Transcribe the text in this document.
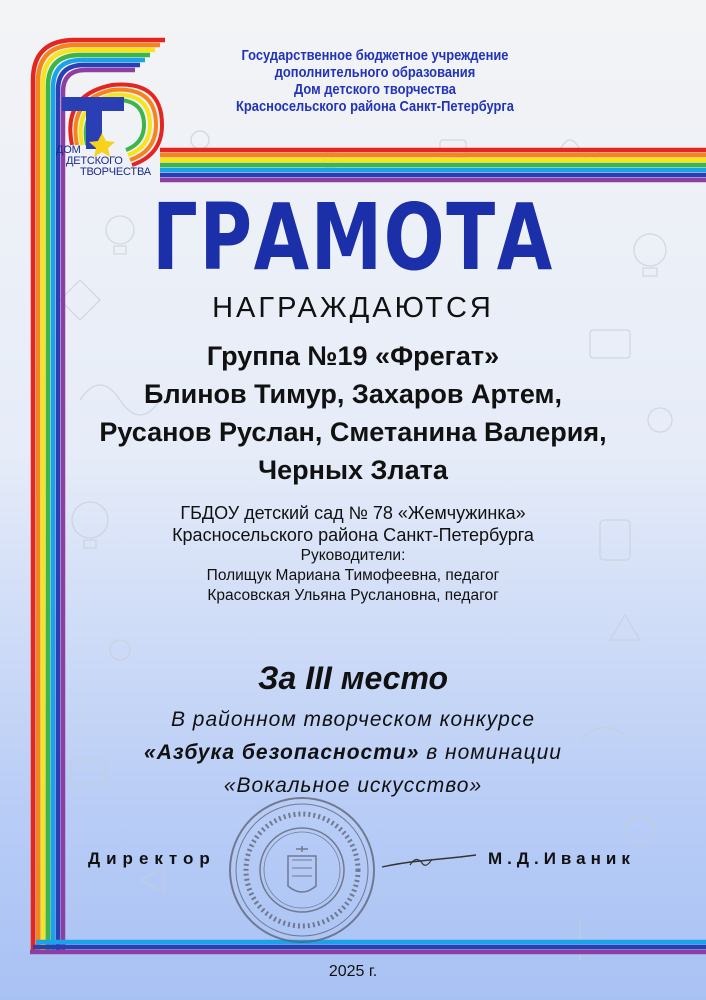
ДОМ
ДЕТСКОГО
ТВОРЧЕСТВА
Государственное бюджетное учреждение
дополнительного образования
Дом детского творчества
Красносельского района Санкт-Петербурга
ГРАМОТА
НАГРАЖДАЮТСЯ
Группа №19 «Фрегат»
Блинов Тимур, Захаров Артем,
Русанов Руслан, Сметанина Валерия,
Черных Злата
ГБДОУ детский сад № 78 «Жемчужинка»
Красносельского района Санкт-Петербурга
Руководители:
Полищук Мариана Тимофеевна, педагог
Красовская Ульяна Руслановна, педагог
За III место
В районном творческом конкурсе
«Азбука безопасности» в номинации
«Вокальное искусство»
Директор	М.Д.Иваник
2025 г.
